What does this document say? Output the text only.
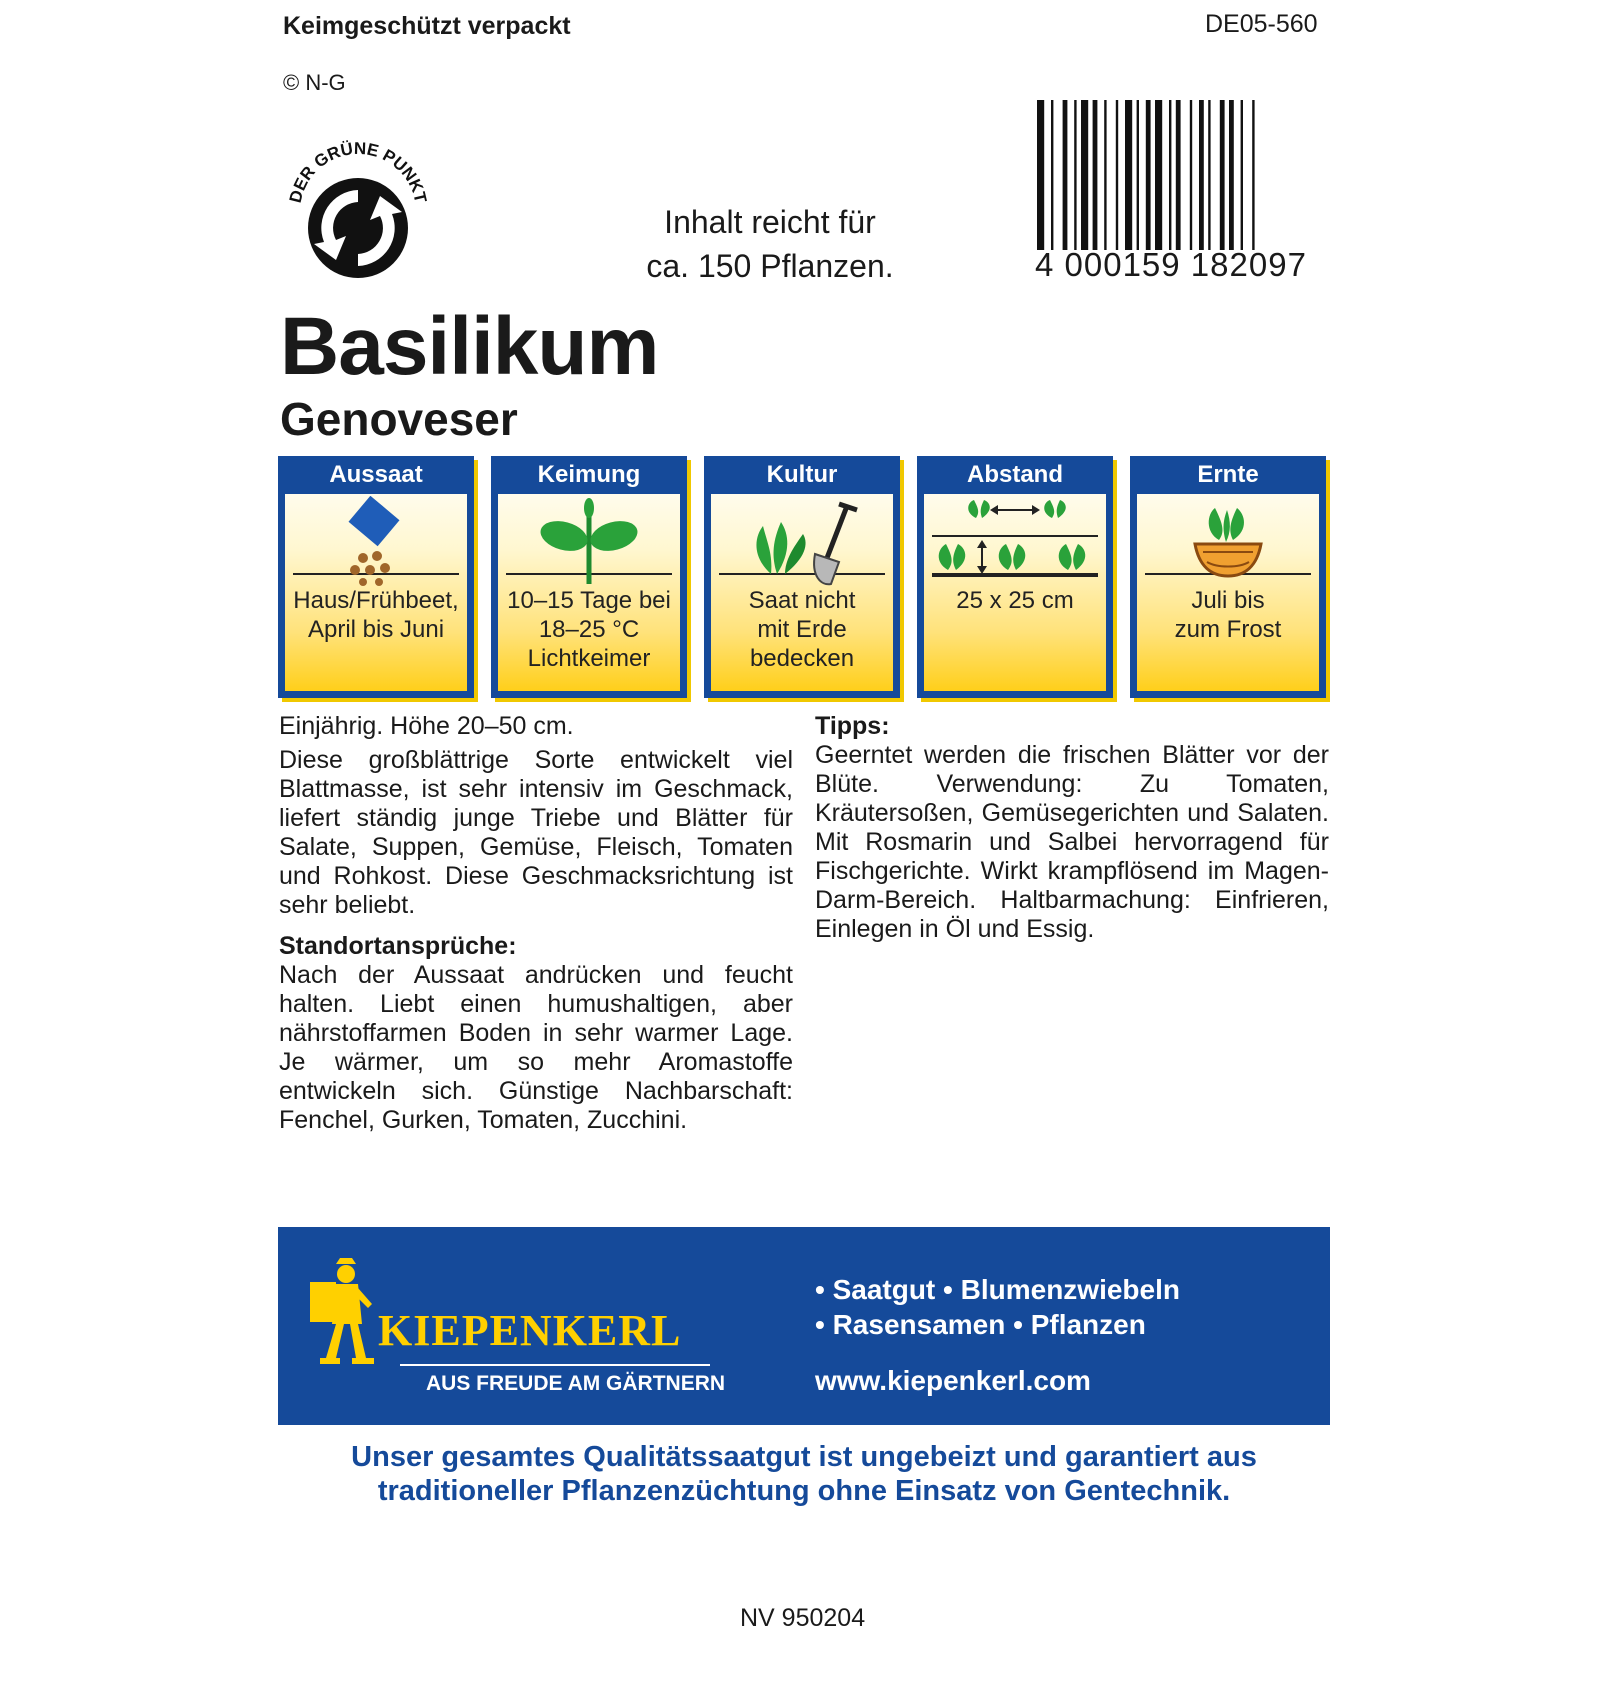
Keimgeschützt verpackt	DE05-560
© N-G
DER GRÜNE PUNKT
Inhalt reicht für
ca. 150 Pflanzen.	4 000159 182097
Basilikum
Genoveser
Aussaat
Haus/Frühbeet,
April bis Juni
Keimung
10–15 Tage bei
18–25 °C
Lichtkeimer
Kultur
Saat nicht
mit Erde
bedecken
Abstand
25 x 25 cm
Ernte
Juli bis
zum Frost
Einjährig. Höhe 20–50 cm.
Diese großblättrige Sorte entwickelt viel Blattmasse, ist sehr intensiv im Geschmack, liefert ständig junge Triebe und Blätter für Salate, Suppen, Gemüse, Fleisch, Tomaten und Rohkost. Diese Geschmacksrichtung ist sehr beliebt.
Standortansprüche:
Nach der Aussaat andrücken und feucht halten. Liebt einen humushaltigen, aber nährstoffarmen Boden in sehr warmer Lage. Je wärmer, um so mehr Aromastoffe entwickeln sich. Günstige Nachbarschaft: Fenchel, Gurken, Tomaten, Zucchini.
Tipps:
Geerntet werden die frischen Blätter vor der Blüte. Verwendung: Zu Tomaten, Kräutersoßen, Gemüsegerichten und Salaten. Mit Rosmarin und Salbei hervorragend für Fischgerichte. Wirkt krampflösend im Magen-Darm-Bereich. Haltbarmachung: Einfrieren, Einlegen in Öl und Essig.
KIEPENKERL
AUS FREUDE AM GÄRTNERN
• Saatgut • Blumenzwiebeln
• Rasensamen • Pflanzen
www.kiepenkerl.com
Unser gesamtes Qualitätssaatgut ist ungebeizt und garantiert aus
traditioneller Pflanzenzüchtung ohne Einsatz von Gentechnik.
NV 950204
